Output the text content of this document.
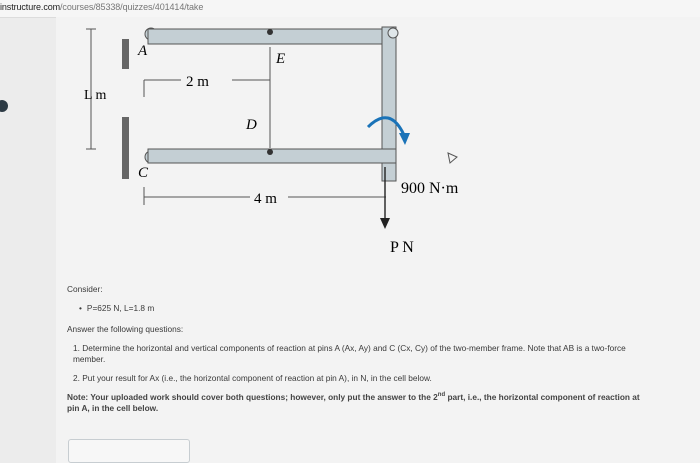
instructure.com/courses/85338/quizzes/401414/take
L m
A
C
E
D
2 m
4 m
900 N·m
P N
Consider:
• P=625 N, L=1.8 m
Answer the following questions:
1. Determine the horizontal and vertical components of reaction at pins A (Ax, Ay) and C (Cx, Cy) of the two-member frame. Note that AB is a two-force member.
2. Put your result for Ax (i.e., the horizontal component of reaction at pin A), in N, in the cell below.
Note: Your uploaded work should cover both questions; however, only put the answer to the 2nd part, i.e., the horizontal component of reaction at pin A, in the cell below.
